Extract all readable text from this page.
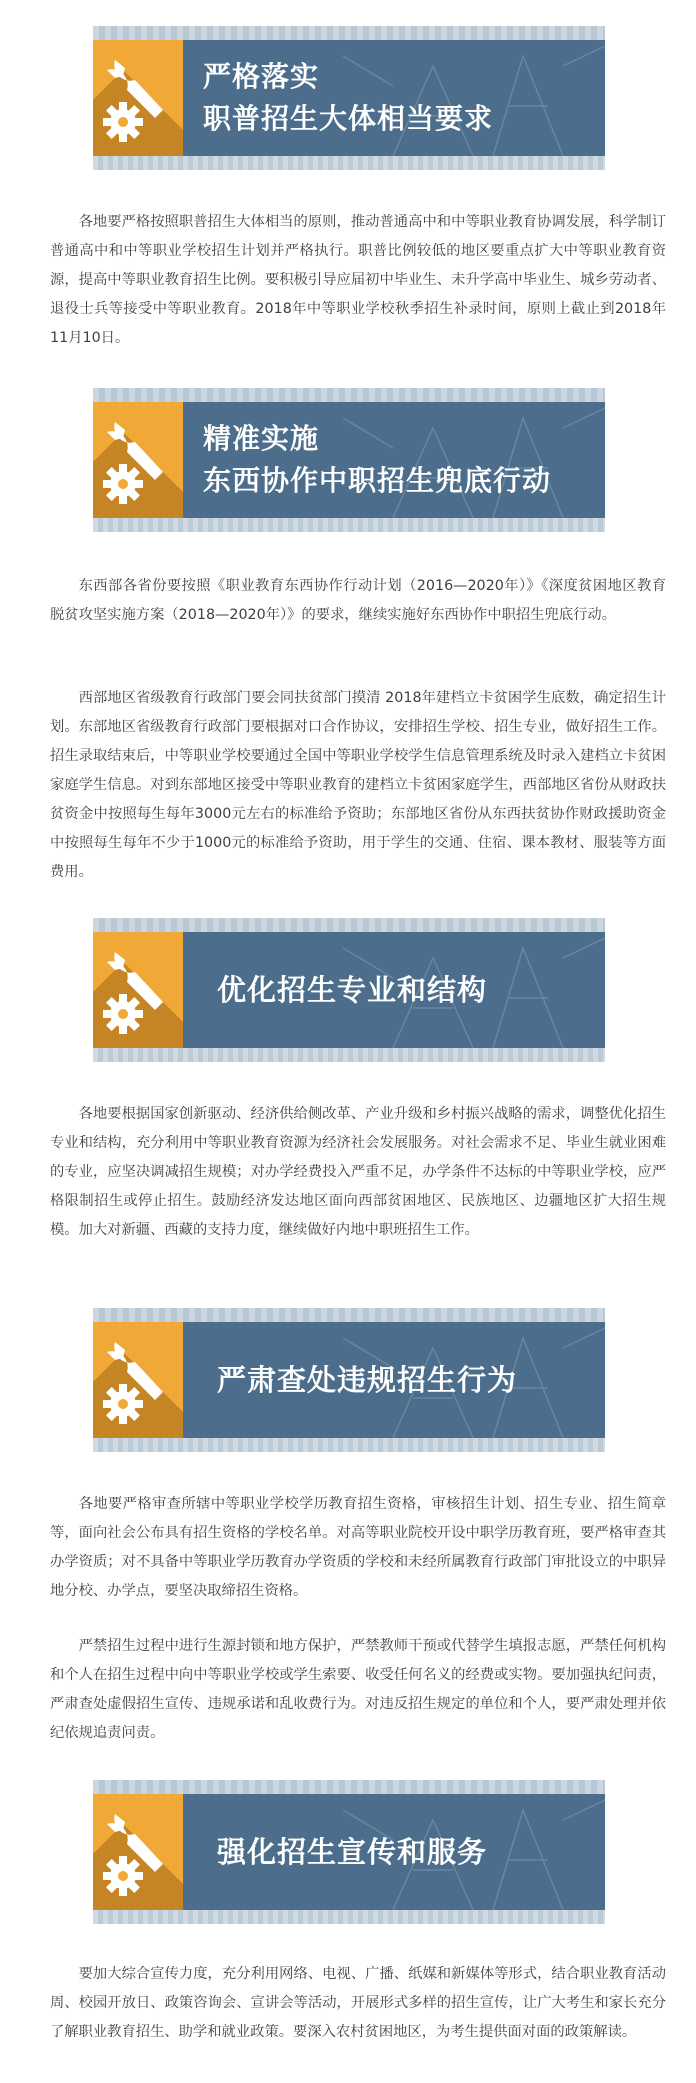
严格落实
职普招生大体相当要求

各地要严格按照职普招生大体相当的原则，推动普通高中和中等职业教育协调发展，科学制订普通高中和中等职业学校招生计划并严格执行。职普比例较低的地区要重点扩大中等职业教育资源，提高中等职业教育招生比例。要积极引导应届初中毕业生、未升学高中毕业生、城乡劳动者、退役士兵等接受中等职业教育。2018年中等职业学校秋季招生补录时间，原则上截止到2018年11月10日。

精准实施
东西协作中职招生兜底行动

东西部各省份要按照《职业教育东西协作行动计划（2016—2020年）》《深度贫困地区教育脱贫攻坚实施方案（2018—2020年）》的要求，继续实施好东西协作中职招生兜底行动。

西部地区省级教育行政部门要会同扶贫部门摸清 2018年建档立卡贫困学生底数，确定招生计划。东部地区省级教育行政部门要根据对口合作协议，安排招生学校、招生专业，做好招生工作。招生录取结束后，中等职业学校要通过全国中等职业学校学生信息管理系统及时录入建档立卡贫困家庭学生信息。对到东部地区接受中等职业教育的建档立卡贫困家庭学生，西部地区省份从财政扶贫资金中按照每生每年3000元左右的标准给予资助；东部地区省份从东西扶贫协作财政援助资金中按照每生每年不少于1000元的标准给予资助，用于学生的交通、住宿、课本教材、服装等方面费用。

优化招生专业和结构

各地要根据国家创新驱动、经济供给侧改革、产业升级和乡村振兴战略的需求，调整优化招生专业和结构，充分利用中等职业教育资源为经济社会发展服务。对社会需求不足、毕业生就业困难的专业，应坚决调减招生规模；对办学经费投入严重不足，办学条件不达标的中等职业学校，应严格限制招生或停止招生。鼓励经济发达地区面向西部贫困地区、民族地区、边疆地区扩大招生规模。加大对新疆、西藏的支持力度，继续做好内地中职班招生工作。

严肃查处违规招生行为

各地要严格审查所辖中等职业学校学历教育招生资格，审核招生计划、招生专业、招生简章等，面向社会公布具有招生资格的学校名单。对高等职业院校开设中职学历教育班，要严格审查其办学资质；对不具备中等职业学历教育办学资质的学校和未经所属教育行政部门审批设立的中职异地分校、办学点，要坚决取缔招生资格。

严禁招生过程中进行生源封锁和地方保护，严禁教师干预或代替学生填报志愿，严禁任何机构和个人在招生过程中向中等职业学校或学生索要、收受任何名义的经费或实物。要加强执纪问责，严肃查处虚假招生宣传、违规承诺和乱收费行为。对违反招生规定的单位和个人，要严肃处理并依纪依规追责问责。

强化招生宣传和服务

要加大综合宣传力度，充分利用网络、电视、广播、纸媒和新媒体等形式，结合职业教育活动周、校园开放日、政策咨询会、宣讲会等活动，开展形式多样的招生宣传，让广大考生和家长充分了解职业教育招生、助学和就业政策。要深入农村贫困地区，为考生提供面对面的政策解读。
